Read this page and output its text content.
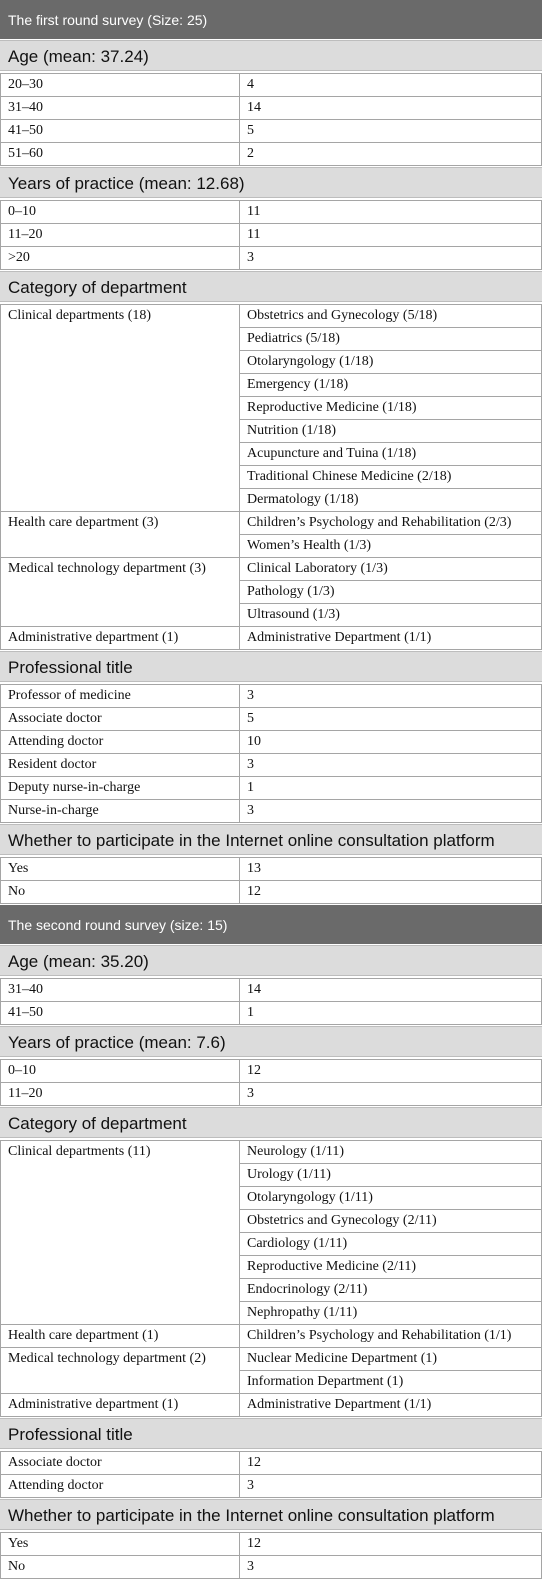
The first round survey (Size: 25)
Age (mean: 37.24)
20–30	4
31–40	14
41–50	5
51–60	2
Years of practice (mean: 12.68)
0–10	11
11–20	11
>20	3
Category of department
Clinical departments (18)	Obstetrics and Gynecology (5/18)
Pediatrics (5/18)
Otolaryngology (1/18)
Emergency (1/18)
Reproductive Medicine (1/18)
Nutrition (1/18)
Acupuncture and Tuina (1/18)
Traditional Chinese Medicine (2/18)
Dermatology (1/18)
Health care department (3)	Children’s Psychology and Rehabilitation (2/3)
Women’s Health (1/3)
Medical technology department (3)	Clinical Laboratory (1/3)
Pathology (1/3)
Ultrasound (1/3)
Administrative department (1)	Administrative Department (1/1)
Professional title
Professor of medicine	3
Associate doctor	5
Attending doctor	10
Resident doctor	3
Deputy nurse-in-charge	1
Nurse-in-charge	3
Whether to participate in the Internet online consultation platform
Yes	13
No	12
The second round survey (size: 15)
Age (mean: 35.20)
31–40	14
41–50	1
Years of practice (mean: 7.6)
0–10	12
11–20	3
Category of department
Clinical departments (11)	Neurology (1/11)
Urology (1/11)
Otolaryngology (1/11)
Obstetrics and Gynecology (2/11)
Cardiology (1/11)
Reproductive Medicine (2/11)
Endocrinology (2/11)
Nephropathy (1/11)
Health care department (1)	Children’s Psychology and Rehabilitation (1/1)
Medical technology department (2)	Nuclear Medicine Department (1)
Information Department (1)
Administrative department (1)	Administrative Department (1/1)
Professional title
Associate doctor	12
Attending doctor	3
Whether to participate in the Internet online consultation platform
Yes	12
No	3
